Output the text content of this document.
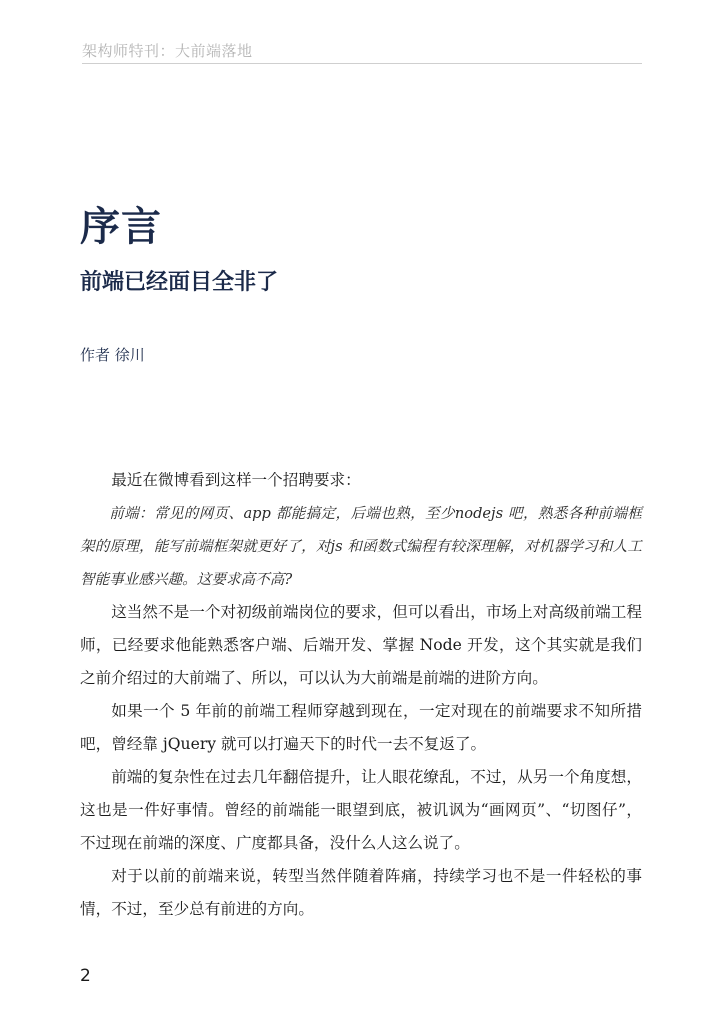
架构师特刊：大前端落地
序言
前端已经面目全非了
作者 徐川

最近在微博看到这样一个招聘要求：

前端：常见的网页、app 都能搞定，后端也熟，至少nodejs 吧，熟悉各种前端框架的原理，能写前端框架就更好了，对js 和函数式编程有较深理解，对机器学习和人工智能事业感兴趣。这要求高不高?

这当然不是一个对初级前端岗位的要求，但可以看出，市场上对高级前端工程师，已经要求他能熟悉客户端、后端开发、掌握 Node 开发，这个其实就是我们之前介绍过的大前端了、所以，可以认为大前端是前端的进阶方向。

如果一个 5 年前的前端工程师穿越到现在，一定对现在的前端要求不知所措吧，曾经靠 jQuery 就可以打遍天下的时代一去不复返了。

前端的复杂性在过去几年翻倍提升，让人眼花缭乱，不过，从另一个角度想，这也是一件好事情。曾经的前端能一眼望到底，被讥讽为“画网页”、“切图仔”，不过现在前端的深度、广度都具备，没什么人这么说了。

对于以前的前端来说，转型当然伴随着阵痛，持续学习也不是一件轻松的事情，不过，至少总有前进的方向。

2
